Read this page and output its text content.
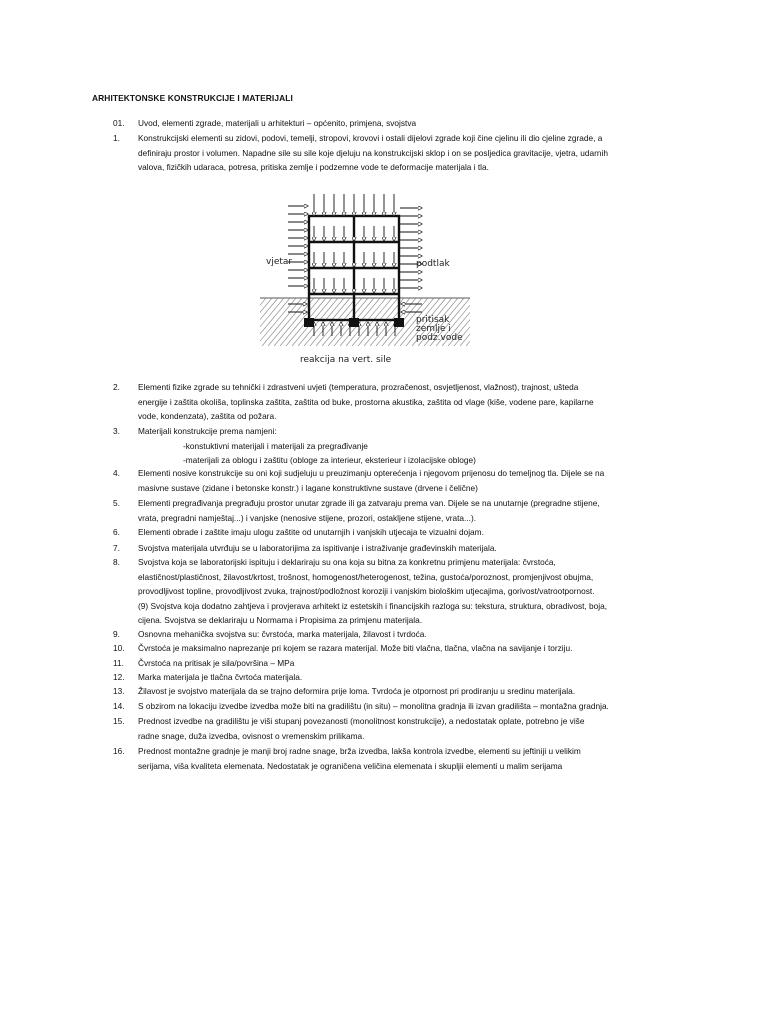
ARHITEKTONSKE KONSTRUKCIJE I MATERIJALI
01. Uvod, elementi zgrade, materijali u arhitekturi – općenito, primjena, svojstva
1. Konstrukcijski elementi su zidovi, podovi, temelji, stropovi, krovovi i ostali dijelovi zgrade koji čine cjelinu ili dio cjeline zgrade, a
definiraju prostor i volumen. Napadne sile su sile koje djeluju na konstrukcijski sklop i on se posljedica gravitacije, vjetra, udarnih
valova, fizičkih udaraca, potresa, pritiska zemlje i podzemne vode te deformacije materijala i tla.
2. Elementi fizike zgrade su tehnički i zdrastveni uvjeti (temperatura, prozračenost, osvjetljenost, vlažnost), trajnost, ušteda
energije i zaštita okoliša, toplinska zaštita, zaštita od buke, prostorna akustika, zaštita od vlage (kiše, vodene pare, kapilarne
vode, kondenzata), zaštita od požara.
3. Materijali konstrukcije prema namjeni:
-konstuktivni materijali i materijali za pregrađivanje
-materijali za oblogu i zaštitu (obloge za interieur, eksterieur i izolacijske obloge)
4. Elementi nosive konstrukcije su oni koji sudjeluju u preuzimanju opterećenja i njegovom prijenosu do temeljnog tla. Dijele se na
masivne sustave (zidane i betonske konstr.) i lagane konstruktivne sustave (drvene i čelične)
5. Elementi pregrađivanja pregrađuju prostor unutar zgrade ili ga zatvaraju prema van. Dijele se na unutarnje (pregradne stijene,
vrata, pregradni namještaj...) i vanjske (nenosive stijene, prozori, ostakljene stijene, vrata...).
6. Elementi obrade i zaštite imaju ulogu zaštite od unutarnjih i vanjskih utjecaja te vizualni dojam.
7. Svojstva materijala utvrđuju se u laboratorijima za ispitivanje i istraživanje građevinskih materijala.
8. Svojstva koja se laboratorijski ispituju i deklariraju su ona koja su bitna za konkretnu primjenu materijala: čvrstoća,
elastičnost/plastičnost, žilavost/krtost, trošnost, homogenost/heterogenost, težina, gustoća/poroznost, promjenjivost obujma,
provodljivost topline, provodljivost zvuka, trajnost/podložnost koroziji i vanjskim biološkim utjecajima, gorivost/vatrootpornost.
(9) Svojstva koja dodatno zahtjeva i provjerava arhitekt iz estetskih i financijskih razloga su: tekstura, struktura, obradivost, boja,
cijena. Svojstva se deklariraju u Normama i Propisima za primjenu materijala.
9. Osnovna mehanička svojstva su: čvrstoća, marka materijala, žilavost i tvrdoća.
10. Čvrstoća je maksimalno naprezanje pri kojem se razara materijal. Može biti vlačna, tlačna, vlačna na savijanje i torziju.
11. Čvrstoća na pritisak je sila/površina – MPa
12. Marka materijala je tlačna čvrtoća materijala.
13. Žilavost je svojstvo materijala da se trajno deformira prije loma. Tvrdoća je otpornost pri prodiranju u sredinu materijala.
14. S obzirom na lokaciju izvedbe izvedba može biti na gradilištu (in situ) – monolitna gradnja ili izvan gradilišta – montažna gradnja.
15. Prednost izvedbe na gradilištu je viši stupanj povezanosti (monolitnost konstrukcije), a nedostatak oplate, potrebno je više
radne snage, duža izvedba, ovisnost o vremenskim prilikama.
16. Prednost montažne gradnje je manji broj radne snage, brža izvedba, lakša kontrola izvedbe, elementi su jeftiniji u velikim
serijama, viša kvaliteta elemenata. Nedostatak je ograničena veličina elemenata i skupljii elementi u malim serijama
vjetar	podtlak
pritisak
zemlje i
podz.vode
reakcija na vert. sile
